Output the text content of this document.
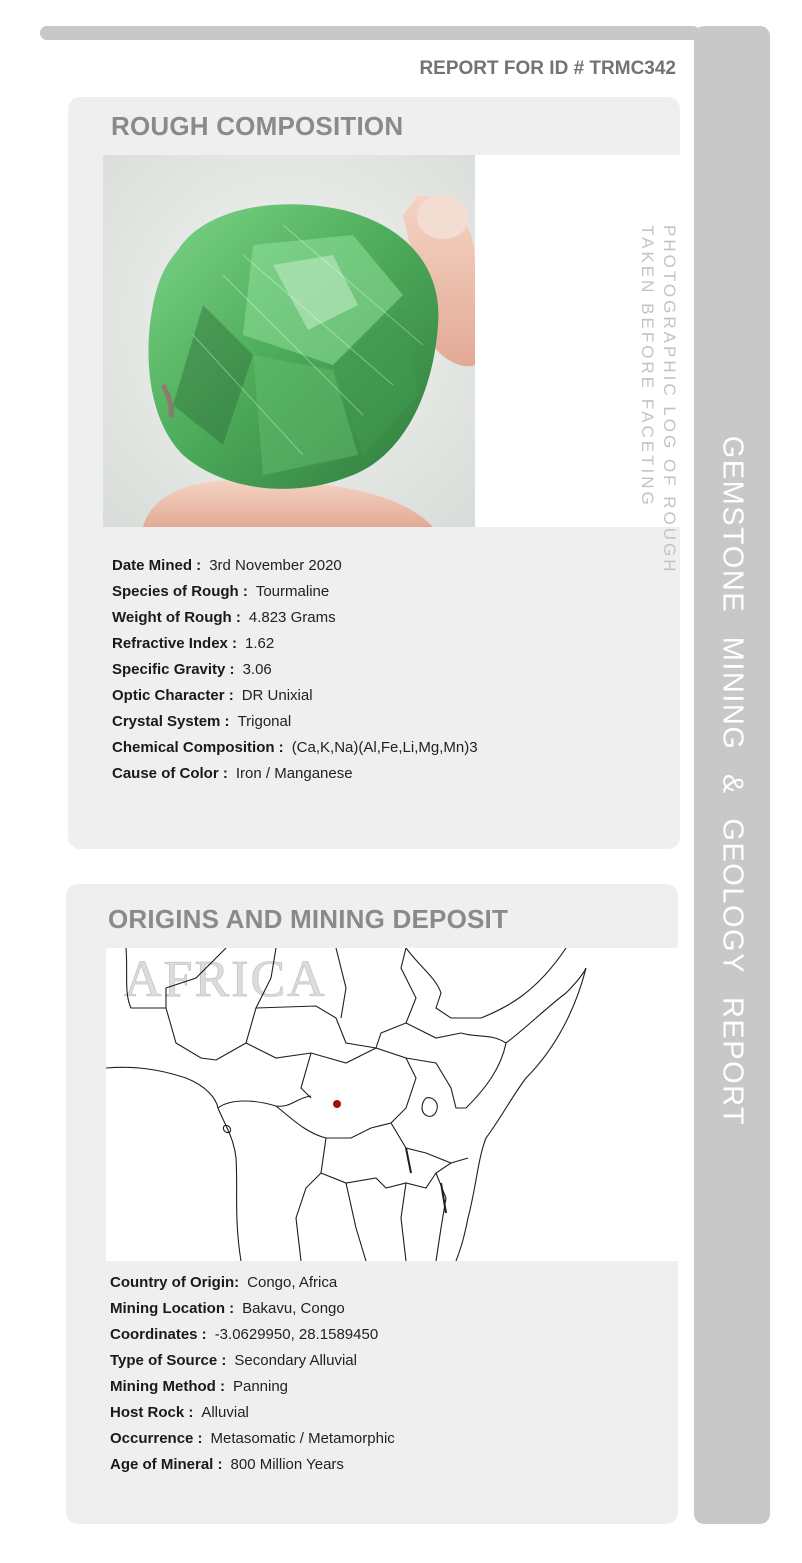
GEMSTONE MINING & GEOLOGY REPORT
REPORT FOR ID # TRMC342
ROUGH COMPOSITION
PHOTOGRAPHIC LOG OF ROUGH
TAKEN BEFORE FACETING
Date Mined : 3rd November 2020
Species of Rough : Tourmaline
Weight of Rough : 4.823 Grams
Refractive Index : 1.62
Specific Gravity : 3.06
Optic Character : DR Unixial
Crystal System : Trigonal
Chemical Composition : (Ca,K,Na)(Al,Fe,Li,Mg,Mn)3
Cause of Color : Iron / Manganese
ORIGINS AND MINING DEPOSIT
AFRICA
Country of Origin: Congo, Africa
Mining Location : Bakavu, Congo
Coordinates : -3.0629950, 28.1589450
Type of Source : Secondary Alluvial
Mining Method : Panning
Host Rock : Alluvial
Occurrence : Metasomatic / Metamorphic
Age of Mineral : 800 Million Years
